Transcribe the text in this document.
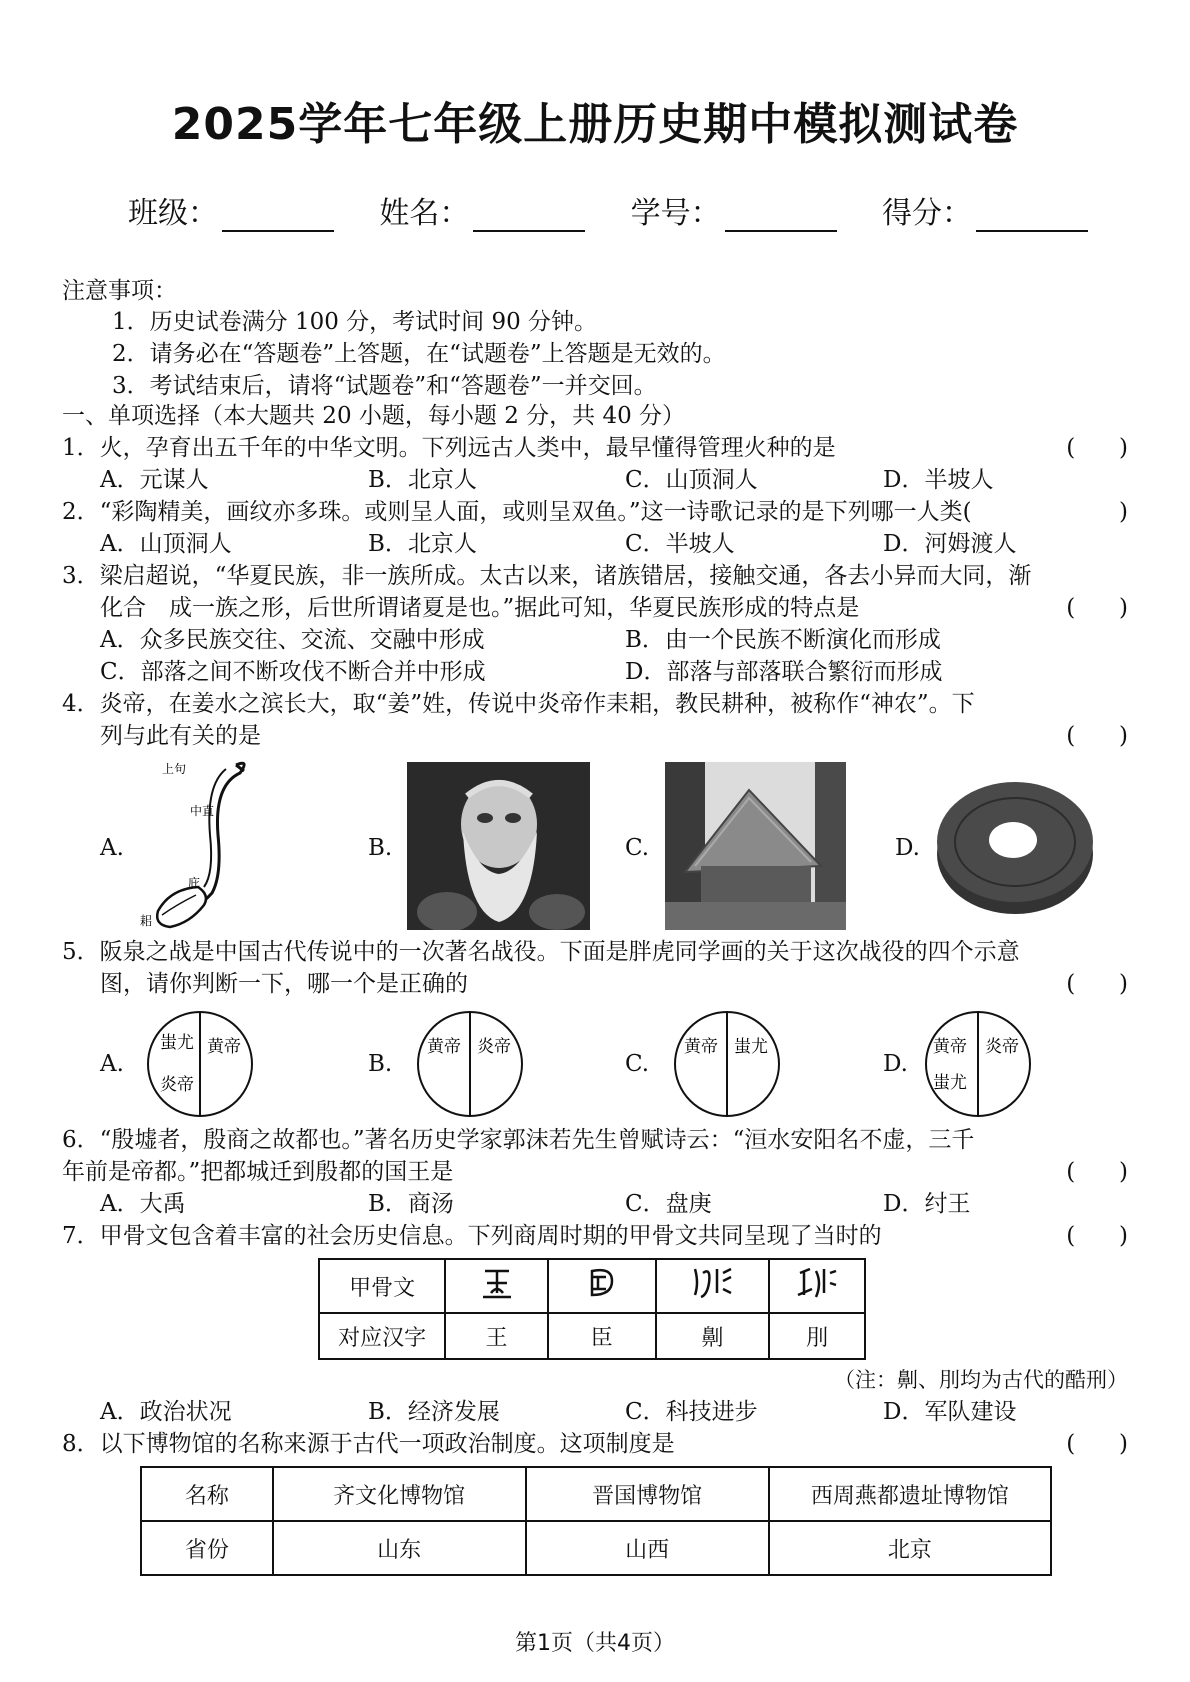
2025学年七年级上册历史期中模拟测试卷
班级：	姓名：	学号：	得分：
注意事项：
1．历史试卷满分 100 分，考试时间 90 分钟。
2．请务必在“答题卷”上答题，在“试题卷”上答题是无效的。
3．考试结束后，请将“试题卷”和“答题卷”一并交回。
一、单项选择（本大题共 20 小题，每小题 2 分，共 40 分）
1．火，孕育出五千年的中华文明。下列远古人类中，最早懂得管理火种的是	(      )
A．元谋人	B．北京人	C．山顶洞人	D．半坡人
2．“彩陶精美，画纹亦多珠。或则呈人面，或则呈双鱼。”这一诗歌记录的是下列哪一人类(	)
A．山顶洞人	B．北京人	C．半坡人	D．河姆渡人
3．梁启超说，“华夏民族，非一族所成。太古以来，诸族错居，接触交通，各去小异而大同，渐
化合　成一族之形，后世所谓诸夏是也。”据此可知，华夏民族形成的特点是	(      )
A．众多民族交往、交流、交融中形成	B．由一个民族不断演化而形成
C．部落之间不断攻伐不断合并中形成	D．部落与部落联合繁衍而形成
4．炎帝，在姜水之滨长大，取“姜”姓，传说中炎帝作耒耜，教民耕种，被称作“神农”。下
列与此有关的是	(      )
A.	B.	C.	D.
上句
中直
庇
耜
5．阪泉之战是中国古代传说中的一次著名战役。下面是胖虎同学画的关于这次战役的四个示意
图，请你判断一下，哪一个是正确的	(      )
A.	B.	C.	D.
蚩尤
炎帝
黄帝	黄帝 炎帝	黄帝 蚩尤	黄帝
蚩尤
炎帝
6．“殷墟者，殷商之故都也。”著名历史学家郭沫若先生曾赋诗云：“洹水安阳名不虚，三千
年前是帝都。”把都城迁到殷都的国王是	(      )
A．大禹	B．商汤	C．盘庚	D．纣王
7．甲骨文包含着丰富的社会历史信息。下列商周时期的甲骨文共同呈现了当时的	(      )
甲骨文				
对应汉字	王	臣	劓	刖
（注：劓、刖均为古代的酷刑）
A．政治状况	B．经济发展	C．科技进步	D．军队建设
8．以下博物馆的名称来源于古代一项政治制度。这项制度是	(      )
名称	齐文化博物馆	晋国博物馆	西周燕都遗址博物馆
省份	山东	山西	北京
第1页（共4页）
